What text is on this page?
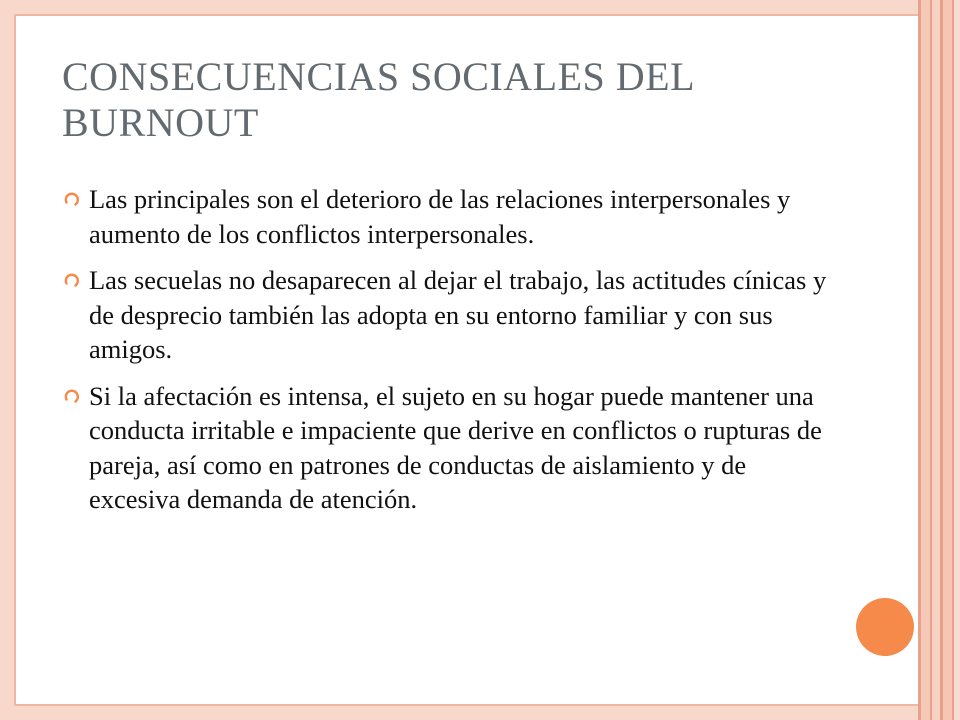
CONSECUENCIAS SOCIALES DEL BURNOUT
Las principales son el deterioro de las relaciones interpersonales y aumento de los conflictos interpersonales.
Las secuelas no desaparecen al dejar el trabajo, las actitudes cínicas y de desprecio también las adopta en su entorno familiar y con sus amigos.
Si la afectación es intensa, el sujeto en su hogar puede mantener una conducta irritable e impaciente que derive en conflictos o rupturas de pareja, así como en patrones de conductas de aislamiento y de excesiva demanda de atención.
